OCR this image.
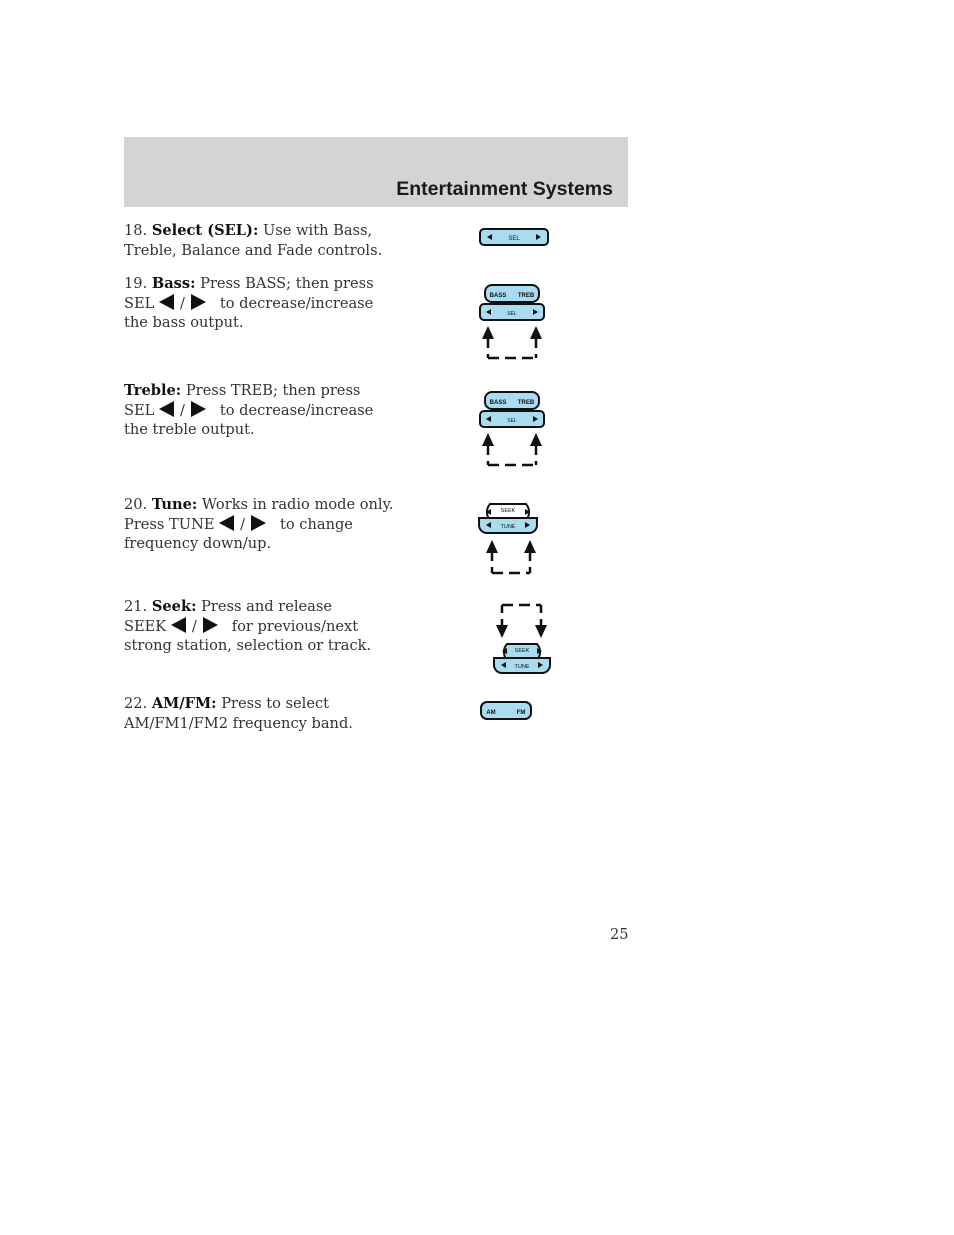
Entertainment Systems
18. Select (SEL): Use with Bass,
Treble, Balance and Fade controls.
19. Bass: Press BASS; then press
SEL / to decrease/increase
the bass output.
Treble: Press TREB; then press
SEL / to decrease/increase
the treble output.
20. Tune: Works in radio mode only.
Press TUNE / to change
frequency down/up.
21. Seek: Press and release
SEEK / for previous/next
strong station, selection or track.
22. AM/FM: Press to select
AM/FM1/FM2 frequency band.
SEL
BASS TREB
SEL
BASS TREB
SEL
SEEK
TUNE
SEEK
TUNE
AM	FM
25
